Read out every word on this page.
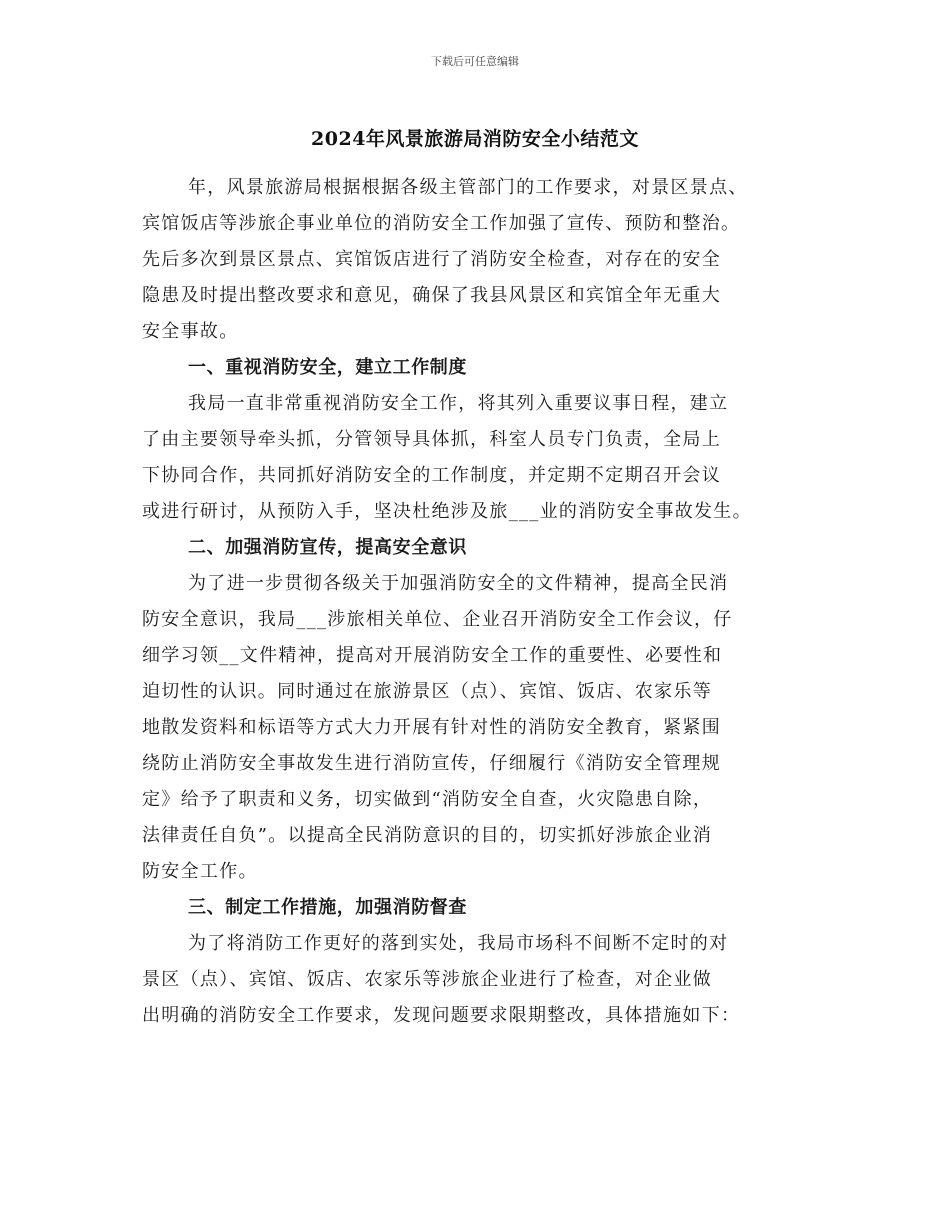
下载后可任意编辑
2024年风景旅游局消防安全小结范文
年，风景旅游局根据根据各级主管部门的工作要求，对景区景点、
宾馆饭店等涉旅企事业单位的消防安全工作加强了宣传、预防和整治。
先后多次到景区景点、宾馆饭店进行了消防安全检查，对存在的安全
隐患及时提出整改要求和意见，确保了我县风景区和宾馆全年无重大
安全事故。
一、重视消防安全，建立工作制度
我局一直非常重视消防安全工作，将其列入重要议事日程，建立
了由主要领导牵头抓，分管领导具体抓，科室人员专门负责，全局上
下协同合作，共同抓好消防安全的工作制度，并定期不定期召开会议
或进行研讨，从预防入手，坚决杜绝涉及旅___业的消防安全事故发生。
二、加强消防宣传，提高安全意识
为了进一步贯彻各级关于加强消防安全的文件精神，提高全民消
防安全意识，我局___涉旅相关单位、企业召开消防安全工作会议，仔
细学习领__文件精神，提高对开展消防安全工作的重要性、必要性和
迫切性的认识。同时通过在旅游景区（点）、宾馆、饭店、农家乐等
地散发资料和标语等方式大力开展有针对性的消防安全教育，紧紧围
绕防止消防安全事故发生进行消防宣传，仔细履行《消防安全管理规
定》给予了职责和义务，切实做到“消防安全自查，火灾隐患自除，
法律责任自负”。以提高全民消防意识的目的，切实抓好涉旅企业消
防安全工作。
三、制定工作措施，加强消防督查
为了将消防工作更好的落到实处，我局市场科不间断不定时的对
景区（点）、宾馆、饭店、农家乐等涉旅企业进行了检查，对企业做
出明确的消防安全工作要求，发现问题要求限期整改，具体措施如下：
